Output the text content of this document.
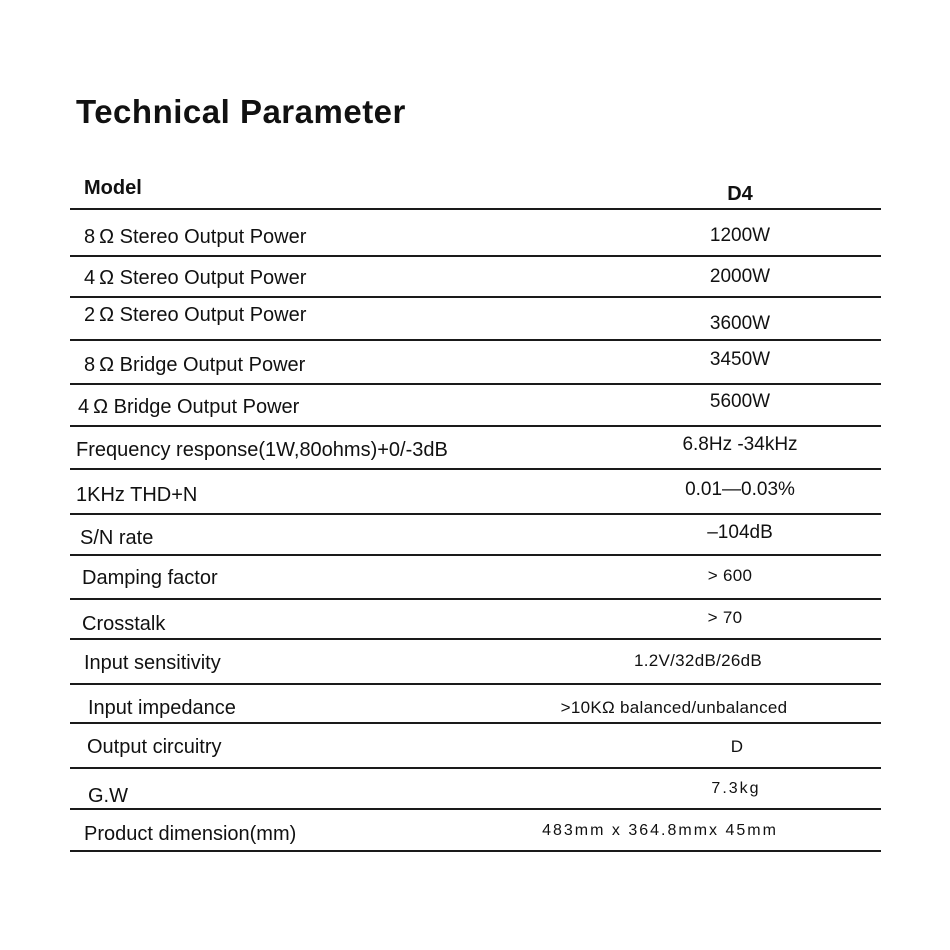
Technical Parameter
Model	D4
8 Ω Stereo Output Power	1200W
4 Ω Stereo Output Power	2000W
2 Ω Stereo Output Power	3600W
8 Ω Bridge Output Power	3450W
4 Ω Bridge Output Power	5600W
Frequency response(1W,80ohms)+0/-3dB	6.8Hz -34kHz
1KHz THD+N	0.01—0.03%
S/N rate	–104dB
Damping factor	> 600
Crosstalk	> 70
Input sensitivity	1.2V/32dB/26dB
Input impedance	>10KΩ balanced/unbalanced
Output circuitry	D
G.W	7.3kg
Product dimension(mm)	483mm x 364.8mmx 45mm
